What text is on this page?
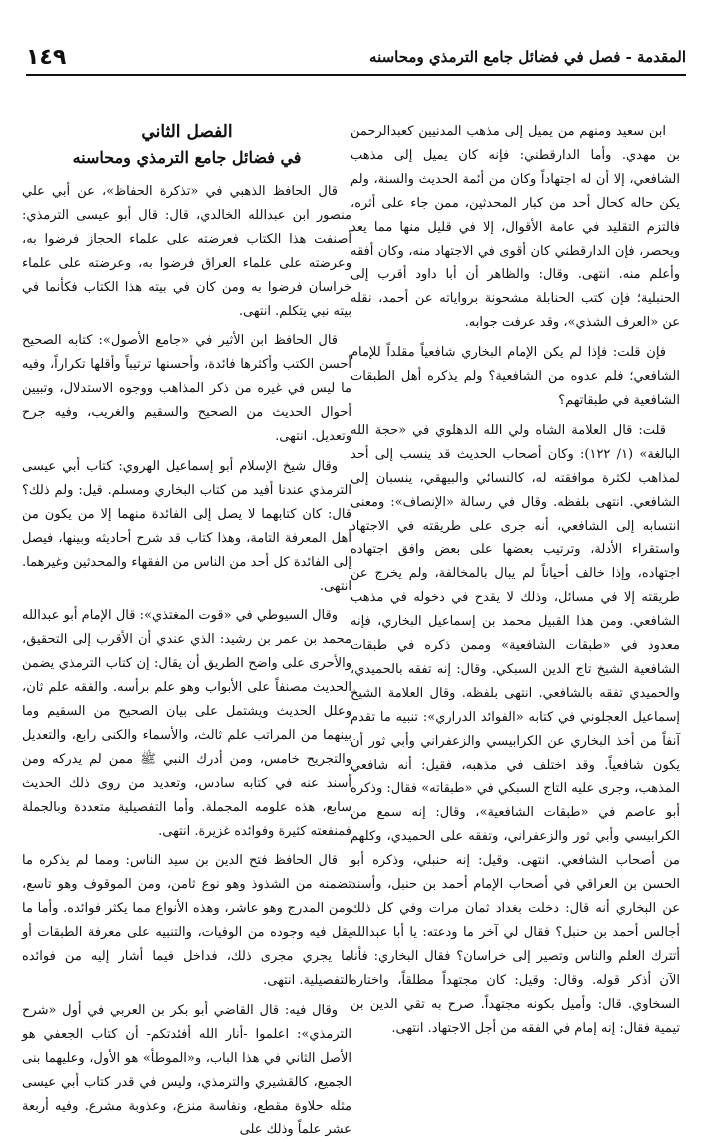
١٤٩	المقدمة - فصل في فضائل جامع الترمذي ومحاسنه

ابن سعيد ومنهم من يميل إلى مذهب المدنيين كعبدالرحمن بن مهدي. وأما الدارقطني: فإنه كان يميل إلى مذهب الشافعي، إلا أن له اجتهاداً وكان من أئمة الحديث والسنة، ولم يكن حاله كحال أحد من كبار المحدثين، ممن جاء على أثره، فالتزم التقليد في عامة الأقوال، إلا في قليل منها مما يعد ويحصر، فإن الدارقطني كان أقوى في الاجتهاد منه، وكان أفقه وأعلم منه. انتهى. وقال: والظاهر أن أبا داود أقرب إلى الحنبلية؛ فإن كتب الحنابلة مشحونة برواياته عن أحمد، نقله عن «العرف الشذي»، وقد عرفت جوابه.

فإن قلت: فإذا لم يكن الإمام البخاري شافعياً مقلداً للإمام الشافعي؛ فلم عدوه من الشافعية؟ ولم يذكره أهل الطبقات الشافعية في طبقاتهم؟

قلت: قال العلامة الشاه ولي الله الدهلوي في «حجة الله البالغة» (١/ ١٢٢): وكان أصحاب الحديث قد ينسب إلى أحد لمذاهب لكثرة موافقته له، كالنسائي والبيهقي، ينسبان إلى الشافعي. انتهى بلفظه. وقال في رسالة «الإنصاف»: ومعنى انتسابه إلى الشافعي، أنه جرى على طريقته في الاجتهاد واستقراء الأدلة، وترتيب بعضها على بعض وافق اجتهاده اجتهاده، وإذا خالف أحياناً لم يبال بالمخالفة، ولم يخرج عن طريقته إلا في مسائل، وذلك لا يقدح في دخوله في مذهب الشافعي. ومن هذا القبيل محمد بن إسماعيل البخاري، فإنه معدود في «طبقات الشافعية» وممن ذكره في طبقات الشافعية الشيخ تاج الدين السبكي. وقال: إنه تفقه بالحميدي، والحميدي تفقه بالشافعي. انتهى بلفظه. وقال العلامة الشيخ إسماعيل العجلوني في كتابه «الفوائد الدراري»: تنبيه ما تقدم آنفاً من أخذ البخاري عن الكرابيسي والزعفراني وأبي ثور أن يكون شافعياً. وقد اختلف في مذهبه، فقيل: أنه شافعي المذهب، وجرى عليه التاج السبكي في «طبقاته» فقال: وذكره أبو عاصم في «طبقات الشافعية»، وقال: إنه سمع من الكرابيسي وأبي ثور والزعفراني، وتفقه على الحميدي، وكلهم من أصحاب الشافعي. انتهى. وقيل: إنه حنبلي، وذكره أبو الحسن بن العراقي في أصحاب الإمام أحمد بن حنبل، وأسند عن البخاري أنه قال: دخلت بغداد ثمان مرات وفي كل ذلك أجالس أحمد بن حنبل؟ فقال لي آخر ما ودعته: يا أبا عبدالله أتترك العلم والناس وتصير إلى خراسان؟ فقال البخاري: فأنا الآن أذكر قوله. وقال: وقيل: كان مجتهداً مطلقاً، واختاره السخاوي. قال: وأميل بكونه مجتهداً. صرح به تقي الدين بن تيمية فقال: إنه إمام في الفقه من أجل الاجتهاد. انتهى.

الفصل الثاني
في فضائل جامع الترمذي ومحاسنه

قال الحافظ الذهبي في «تذكرة الحفاظ»، عن أبي علي منصور ابن عبدالله الخالدي، قال: قال أبو عيسى الترمذي: أصنفت هذا الكتاب فعرضته على علماء الحجاز فرضوا به، وعرضته على علماء العراق فرضوا به، وعرضته على علماء خراسان فرضوا به ومن كان في بيته هذا الكتاب فكأنما في بيته نبي يتكلم. انتهى.

قال الحافظ ابن الأثير في «جامع الأصول»: كتابه الصحيح أحسن الكتب وأكثرها فائدة، وأحسنها ترتيباً وأقلها تكراراً، وفيه ما ليس في غيره من ذكر المذاهب ووجوه الاستدلال، وتبيين أحوال الحديث من الصحيح والسقيم والغريب، وفيه جرح وتعديل. انتهى.

وقال شيخ الإسلام أبو إسماعيل الهروي: كتاب أبي عيسى الترمذي عندنا أفيد من كتاب البخاري ومسلم. قيل: ولم ذلك؟ قال: كان كتابهما لا يصل إلى الفائدة منهما إلا من يكون من أهل المعرفة التامة، وهذا كتاب قد شرح أحاديثه وبينها، فيصل إلى الفائدة كل أحد من الناس من الفقهاء والمحدثين وغيرهما. انتهى.

وقال السيوطي في «قوت المغتذي»: قال الإمام أبو عبدالله محمد بن عمر بن رشيد: الذي عندي أن الأقرب إلى التحقيق، والأحرى على واضح الطريق أن يقال: إن كتاب الترمذي يضمن الحديث مصنفاً على الأبواب وهو علم برأسه. والفقه علم ثان، وعلل الحديث ويشتمل على بيان الصحيح من السقيم وما بينهما من المراتب علم ثالث، والأسماء والكنى رابع، والتعديل والتجريح خامس، ومن أدرك النبي ﷺ ممن لم يدركه ومن أسند عنه في كتابه سادس، وتعديد من روى ذلك الحديث سابع، هذه علومه المجملة. وأما التفصيلية متعددة وبالجملة فمنفعته كثيرة وفوائده غزيرة. انتهى.

قال الحافظ فتح الدين بن سيد الناس: ومما لم يذكره ما تضمنه من الشذوذ وهو نوع ثامن، ومن الموقوف وهو تاسع، ومن المدرج وهو عاشر، وهذه الأنواع مما يكثر فوائده. وأما ما يقل فيه وجوده من الوفيات، والتنبيه على معرفة الطبقات أو ما يجري مجرى ذلك، فداخل فيما أشار إليه من فوائده التفصيلية. انتهى.

وقال فيه: قال القاضي أبو بكر بن العربي في أول «شرح الترمذي»: اعلموا -أنار الله أفئدتكم- أن كتاب الجعفي هو الأصل الثاني في هذا الباب، و«الموطأ» هو الأول، وعليهما بنى الجميع، كالقشيري والترمذي، وليس في قدر كتاب أبي عيسى مثله حلاوة مقطع، ونفاسة منزع، وعذوبة مشرع. وفيه أربعة عشر علماً وذلك على
